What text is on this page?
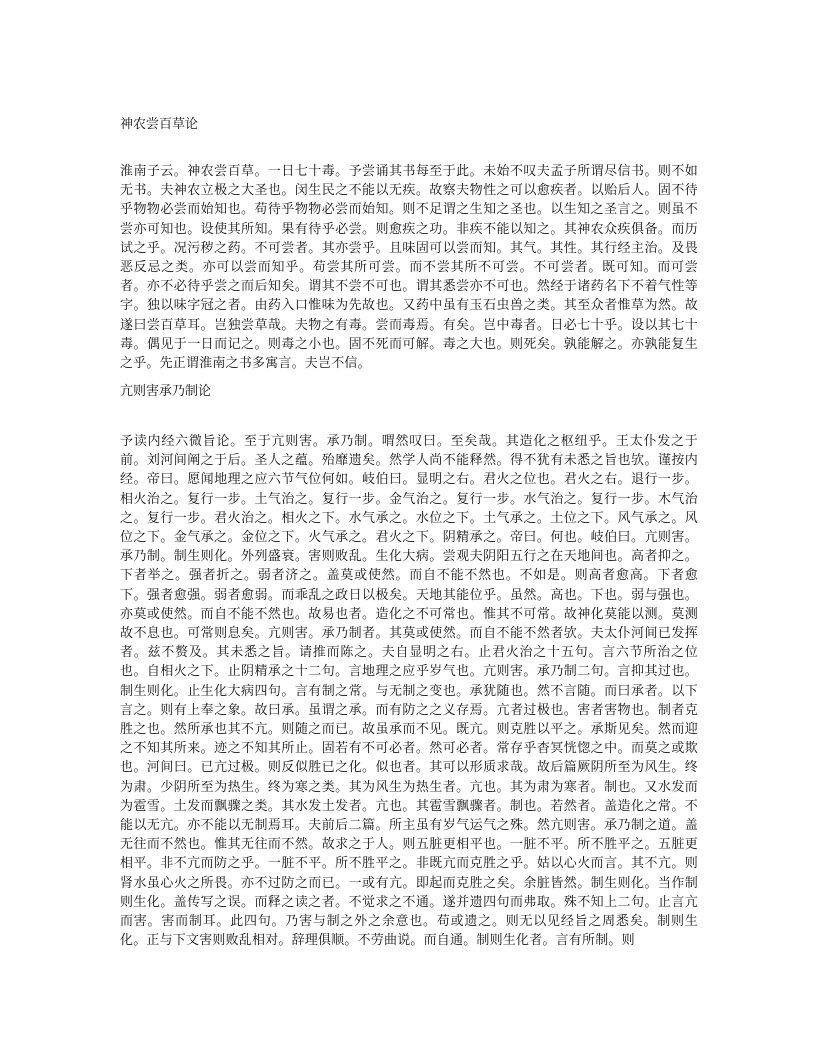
神农尝百草论
淮南子云。神农尝百草。一日七十毒。予尝诵其书每至于此。未始不叹夫孟子所谓尽信书。则不如无书。夫神农立极之大圣也。闵生民之不能以无疾。故察夫物性之可以愈疾者。以贻后人。固不待乎物物必尝而始知也。苟待乎物物必尝而始知。则不足谓之生知之圣也。以生知之圣言之。则虽不尝亦可知也。设使其所知。果有待乎必尝。则愈疾之功。非疾不能以知之。其神农众疾俱备。而历试之乎。况污秽之药。不可尝者。其亦尝乎。且味固可以尝而知。其气。其性。其行经主治。及畏恶反忌之类。亦可以尝而知乎。苟尝其所可尝。而不尝其所不可尝。不可尝者。既可知。而可尝者。亦不必待乎尝之而后知矣。谓其不尝不可也。谓其悉尝亦不可也。然经于诸药名下不着气性等字。独以味字冠之者。由药入口惟味为先故也。又药中虽有玉石虫兽之类。其至众者惟草为然。故遂曰尝百草耳。岂独尝草哉。夫物之有毒。尝而毒焉。有矣。岂中毒者。日必七十乎。设以其七十毒。偶见于一日而记之。则毒之小也。固不死而可解。毒之大也。则死矣。孰能解之。亦孰能复生之乎。先正谓淮南之书多寓言。夫岂不信。
亢则害承乃制论
予读内经六微旨论。至于亢则害。承乃制。喟然叹曰。至矣哉。其造化之枢纽乎。王太仆发之于前。刘河间阐之于后。圣人之蕴。殆靡遗矣。然学人尚不能释然。得不犹有未悉之旨也欤。谨按内经。帝曰。愿闻地理之应六节气位何如。岐伯曰。显明之右。君火之位也。君火之右。退行一步。相火治之。复行一步。土气治之。复行一步。金气治之。复行一步。水气治之。复行一步。木气治之。复行一步。君火治之。相火之下。水气承之。水位之下。土气承之。土位之下。风气承之。风位之下。金气承之。金位之下。火气承之。君火之下。阴精承之。帝曰。何也。岐伯曰。亢则害。承乃制。制生则化。外列盛衰。害则败乱。生化大病。尝观夫阴阳五行之在天地间也。高者抑之。下者举之。强者折之。弱者济之。盖莫或使然。而自不能不然也。不如是。则高者愈高。下者愈下。强者愈强。弱者愈弱。而乖乱之政日以极矣。天地其能位乎。虽然。高也。下也。弱与强也。亦莫或使然。而自不能不然也。故易也者。造化之不可常也。惟其不可常。故神化莫能以测。莫测故不息也。可常则息矣。亢则害。承乃制者。其莫或使然。而自不能不然者欤。夫太仆河间已发挥者。兹不赘及。其未悉之旨。请推而陈之。夫自显明之右。止君火治之十五句。言六节所治之位也。自相火之下。止阴精承之十二句。言地理之应乎岁气也。亢则害。承乃制二句。言抑其过也。制生则化。止生化大病四句。言有制之常。与无制之变也。承犹随也。然不言随。而曰承者。以下言之。则有上奉之象。故曰承。虽谓之承。而有防之之义存焉。亢者过极也。害者害物也。制者克胜之也。然所承也其不亢。则随之而已。故虽承而不见。既亢。则克胜以平之。承斯见矣。然而迎之不知其所来。迹之不知其所止。固若有不可必者。然可必者。常存乎杳冥恍惚之中。而莫之或欺也。河间曰。已亢过极。则反似胜已之化。似也者。其可以形质求哉。故后篇厥阴所至为风生。终为肃。少阴所至为热生。终为寒之类。其为风生为热生者。亢也。其为肃为寒者。制也。又水发而为雹雪。土发而飘骤之类。其水发土发者。亢也。其雹雪飘骤者。制也。若然者。盖造化之常。不能以无亢。亦不能以无制焉耳。夫前后二篇。所主虽有岁气运气之殊。然亢则害。承乃制之道。盖无往而不然也。惟其无往而不然。故求之于人。则五脏更相平也。一脏不平。所不胜平之。五脏更相平。非不亢而防之乎。一脏不平。所不胜平之。非既亢而克胜之乎。姑以心火而言。其不亢。则肾水虽心火之所畏。亦不过防之而已。一或有亢。即起而克胜之矣。余脏皆然。制生则化。当作制则生化。盖传写之误。而释之读之者。不觉求之不通。遂并遗四句而弗取。殊不知上二句。止言亢而害。害而制耳。此四句。乃害与制之外之余意也。苟或遗之。则无以见经旨之周悉矣。制则生化。正与下文害则败乱相对。辞理俱顺。不劳曲说。而自通。制则生化者。言有所制。则
